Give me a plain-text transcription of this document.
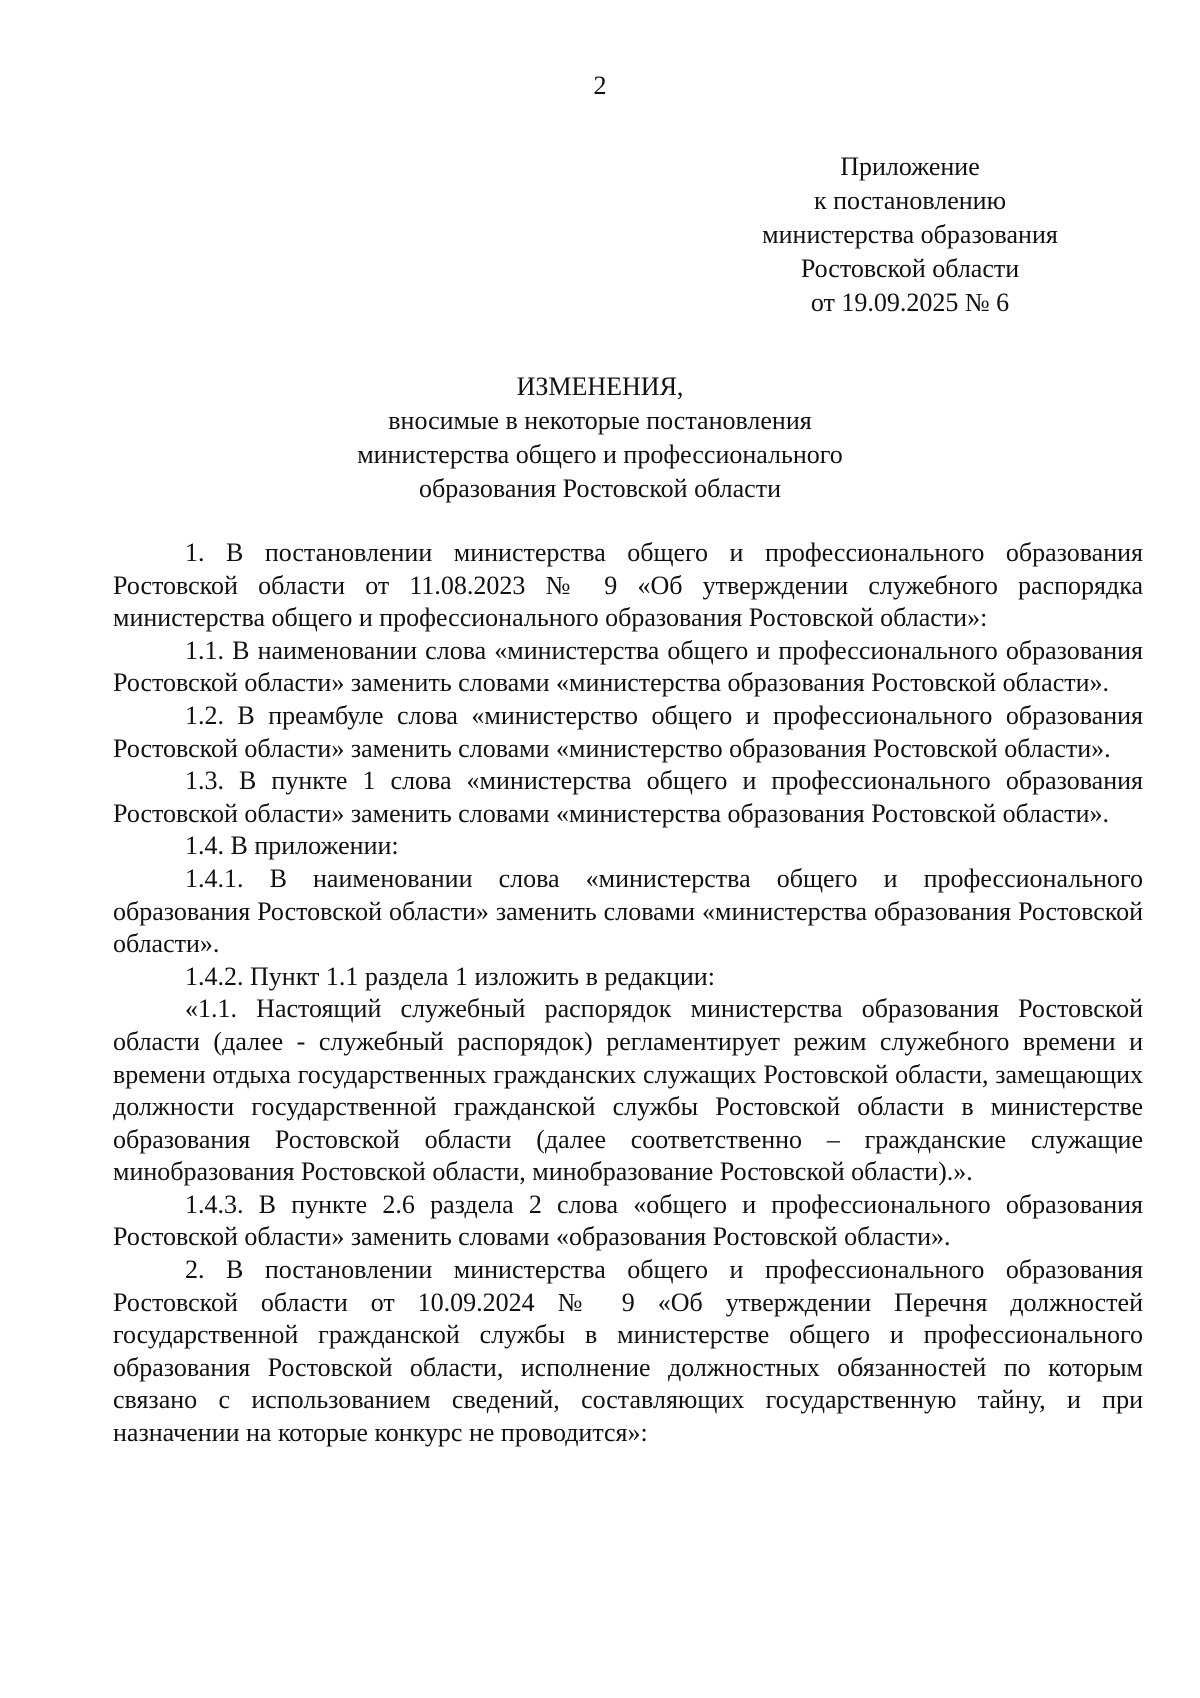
2
Приложение
к постановлению
министерства образования
Ростовской области
от 19.09.2025 № 6
ИЗМЕНЕНИЯ,
вносимые в некоторые постановления
министерства общего и профессионального
образования Ростовской области

1. В постановлении министерства общего и профессионального образования Ростовской области от 11.08.2023 № 9 «Об утверждении служебного распорядка министерства общего и профессионального образования Ростовской области»:

1.1. В наименовании слова «министерства общего и профессионального образования Ростовской области» заменить словами «министерства образования Ростовской области».

1.2. В преамбуле слова «министерство общего и профессионального образования Ростовской области» заменить словами «министерство образования Ростовской области».

1.3. В пункте 1 слова «министерства общего и профессионального образования Ростовской области» заменить словами «министерства образования Ростовской области».

1.4. В приложении:

1.4.1. В наименовании слова «министерства общего и профессионального образования Ростовской области» заменить словами «министерства образования Ростовской области».

1.4.2. Пункт 1.1 раздела 1 изложить в редакции:

«1.1. Настоящий служебный распорядок министерства образования Ростовской области (далее - служебный распорядок) регламентирует режим служебного времени и времени отдыха государственных гражданских служащих Ростовской области, замещающих должности государственной гражданской службы Ростовской области в министерстве образования Ростовской области (далее соответственно – гражданские служащие минобразования Ростовской области, минобразование Ростовской области).».

1.4.3. В пункте 2.6 раздела 2 слова «общего и профессионального образования Ростовской области» заменить словами «образования Ростовской области».

2. В постановлении министерства общего и профессионального образования Ростовской области от 10.09.2024 № 9 «Об утверждении Перечня должностей государственной гражданской службы в министерстве общего и профессионального образования Ростовской области, исполнение должностных обязанностей по которым связано с использованием сведений, составляющих государственную тайну, и при назначении на которые конкурс не проводится»:
